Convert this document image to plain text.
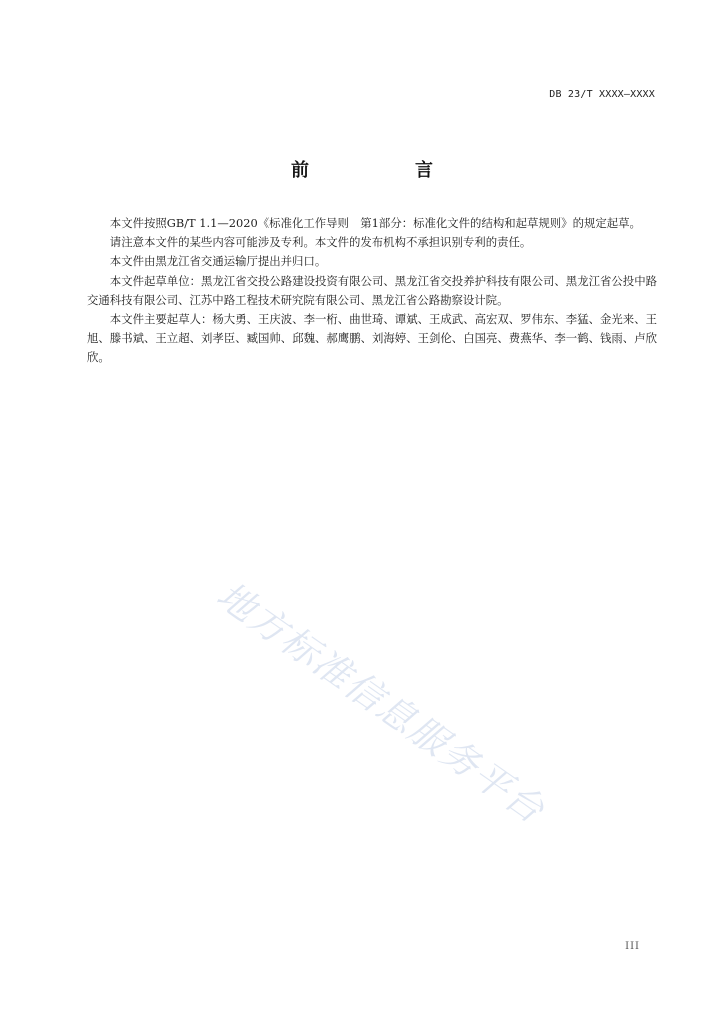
DB 23/T XXXX—XXXX
前　言

本文件按照GB/T 1.1—2020《标准化工作导则　第1部分：标准化文件的结构和起草规则》的规定起草。

请注意本文件的某些内容可能涉及专利。本文件的发布机构不承担识别专利的责任。

本文件由黑龙江省交通运输厅提出并归口。

本文件起草单位：黑龙江省交投公路建设投资有限公司、黑龙江省交投养护科技有限公司、黑龙江省公投中路交通科技有限公司、江苏中路工程技术研究院有限公司、黑龙江省公路勘察设计院。

本文件主要起草人：杨大勇、王庆波、李一桁、曲世琦、谭斌、王成武、高宏双、罗伟东、李猛、金光来、王旭、滕书斌、王立超、刘孝臣、臧国帅、邱魏、郝鹰鹏、刘海婷、王剑伦、白国亮、费燕华、李一鹤、钱雨、卢欣欣。

地方标准信息服务平台
III
